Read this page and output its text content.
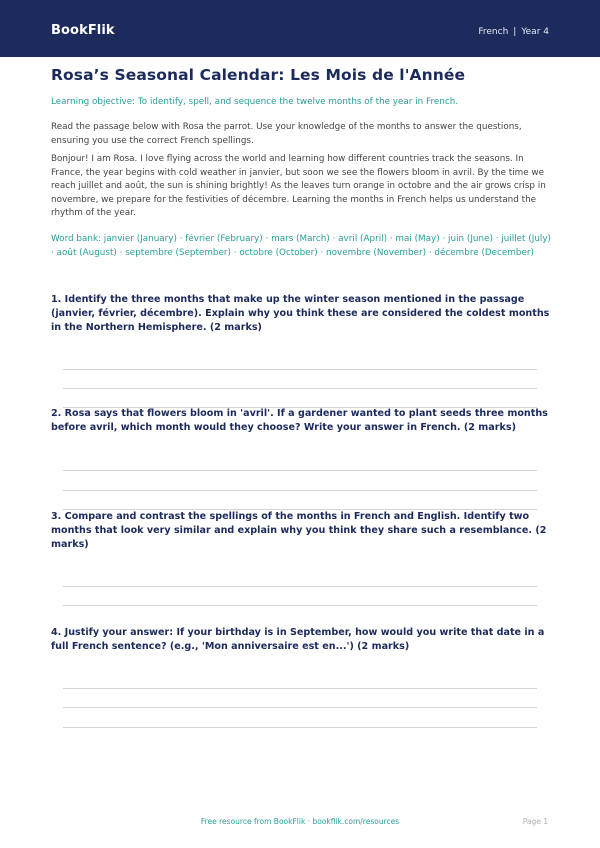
BookFlik	French | Year 4
Rosa’s Seasonal Calendar: Les Mois de l'Année

Learning objective: To identify, spell, and sequence the twelve months of the year in French.

Read the passage below with Rosa the parrot. Use your knowledge of the months to answer the questions, ensuring you use the correct French spellings.

Bonjour! I am Rosa. I love flying across the world and learning how different countries track the seasons. In France, the year begins with cold weather in janvier, but soon we see the flowers bloom in avril. By the time we reach juillet and août, the sun is shining brightly! As the leaves turn orange in octobre and the air grows crisp in novembre, we prepare for the festivities of décembre. Learning the months in French helps us understand the rhythm of the year.

Word bank: janvier (January) · février (February) · mars (March) · avril (April) · mai (May) · juin (June) · juillet (July) · août (August) · septembre (September) · octobre (October) · novembre (November) · décembre (December)

1. Identify the three months that make up the winter season mentioned in the passage (janvier, février, décembre). Explain why you think these are considered the coldest months in the Northern Hemisphere. (2 marks)

2. Rosa says that flowers bloom in 'avril'. If a gardener wanted to plant seeds three months before avril, which month would they choose? Write your answer in French. (2 marks)

3. Compare and contrast the spellings of the months in French and English. Identify two months that look very similar and explain why you think they share such a resemblance. (2 marks)

4. Justify your answer: If your birthday is in September, how would you write that date in a full French sentence? (e.g., 'Mon anniversaire est en...') (2 marks)

Free resource from BookFlik · bookflik.com/resources	Page 1
